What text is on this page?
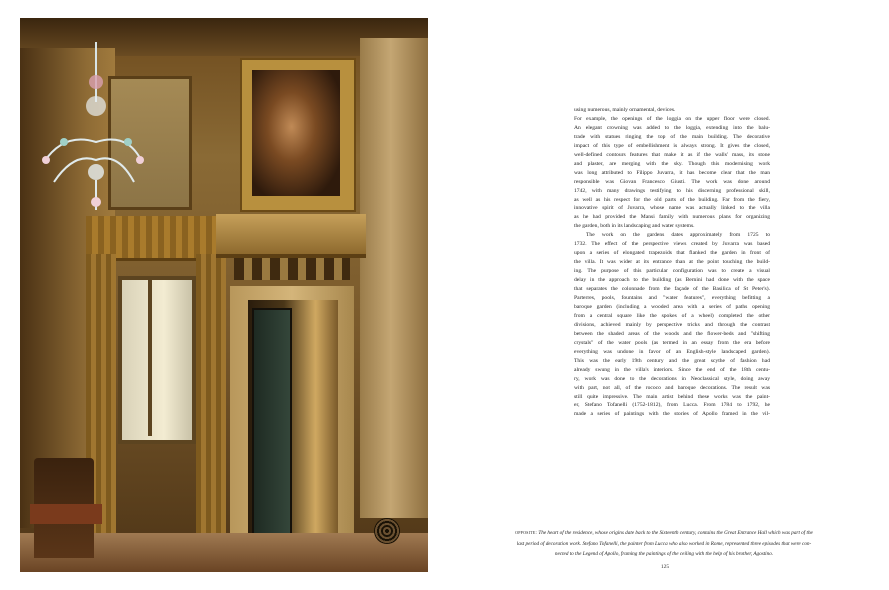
using numerous, mainly ornamental, devices.
For example, the openings of the loggia on the upper floor were closed.
An elegant crowning was added to the loggia, extending into the balu-
trade with statues ringing the top of the main building. The decorative
impact of this type of embellishment is always strong. It gives the closed,
well-defined contours features that make it as if the walls' mass, its stone
and plaster, are merging with the sky. Though this modernising work
was long attributed to Filippo Juvarra, it has become clear that the man
responsible was Giovan Francesco Giusti. The work was done around
1742, with many drawings testifying to his discerning professional skill,
as well as his respect for the old parts of the building. Far from the fiery,
innovative spirit of Juvarra, whose name was actually linked to the villa
as he had provided the Mansi family with numerous plans for organizing
the garden, both in its landscaping and water systems.
The work on the gardens dates approximately from 1725 to
1732. The effect of the perspective views created by Juvarra was based
upon a series of elongated trapezoids that flanked the garden in front of
the villa. It was wider at its entrance than at the point touching the build-
ing. The purpose of this particular configuration was to create a visual
delay in the approach to the building (as Bernini had done with the space
that separates the colonnade from the façade of the Basilica of St Peter's).
Parterres, pools, fountains and "water features", everything befitting a
baroque garden (including a wooded area with a series of paths opening
from a central square like the spokes of a wheel) completed the other
divisions, achieved mainly by perspective tricks and through the contrast
between the shaded areas of the woods and the flower-beds and "shifting
crystals" of the water pools (as termed in an essay from the era before
everything was undone in favor of an English-style landscaped garden).
This was the early 19th century and the great scythe of fashion had
already swung in the villa's interiors. Since the end of the 18th centu-
ry, work was done to the decorations in Neoclassical style, doing away
with part, not all, of the rococo and baroque decorations. The result was
still quite impressive. The main artist behind these works was the paint-
er, Stefano Tofanelli (1752-1812), from Lucca. From 1784 to 1792, he
made a series of paintings with the stories of Apollo framed in the vil-
opposite: The heart of the residence, whose origins date back to the Sixteenth century, contains the Great Entrance Hall which was part of the
last period of decoration work. Stefano Tofanelli, the painter from Lucca who also worked in Rome, represented three episodes that were con-
nected to the Legend of Apollo, framing the paintings of the ceiling with the help of his brother, Agostino.
125
